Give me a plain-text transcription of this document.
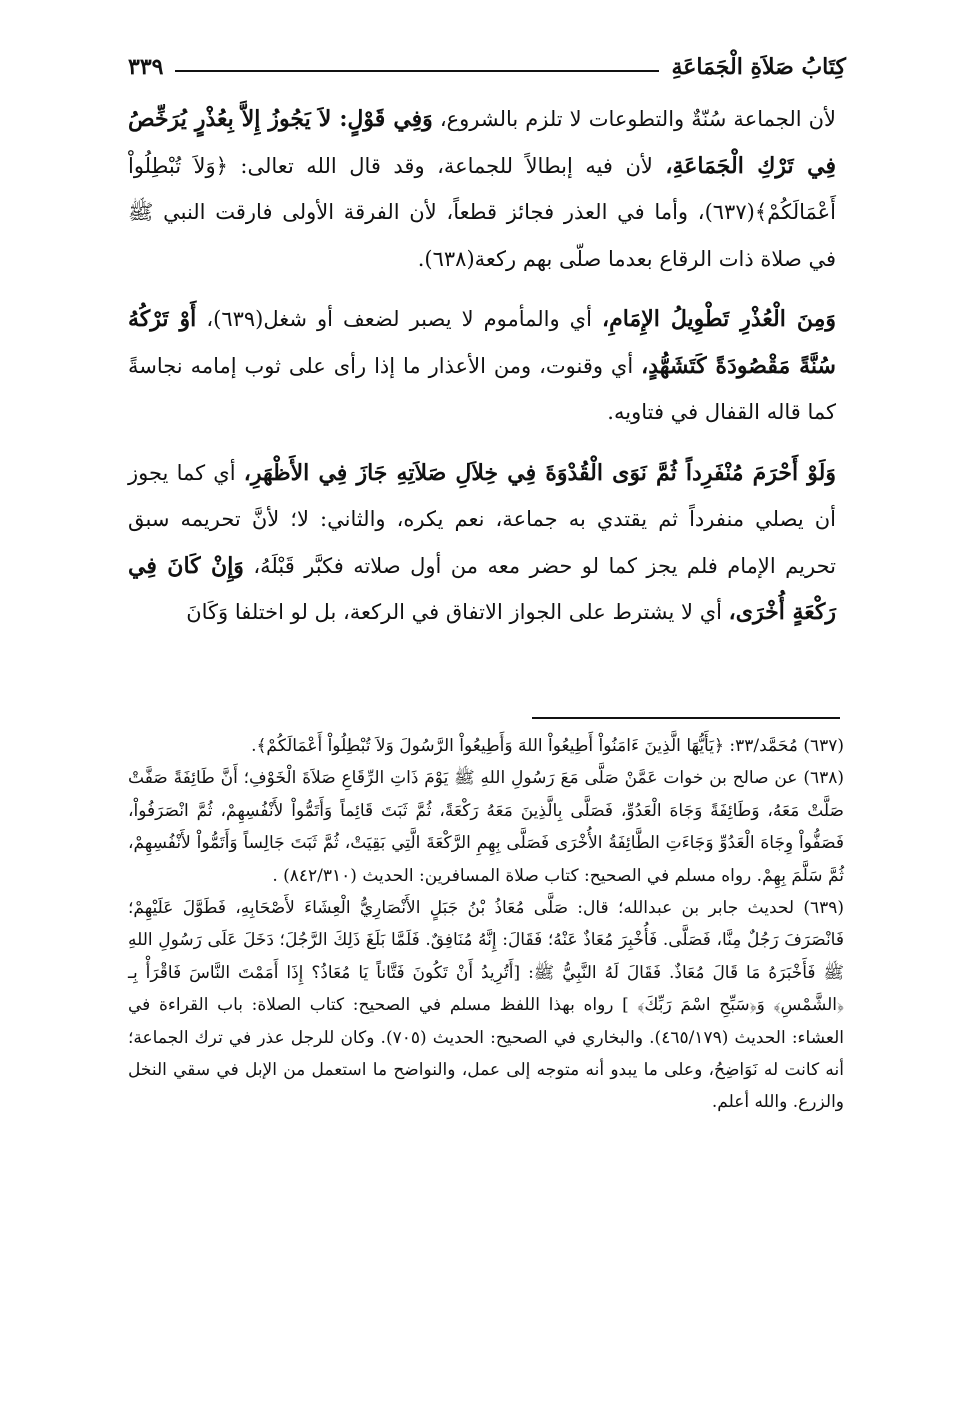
كِتَابُ صَلاَةِ الْجَمَاعَةِ
٣٣٩

لأن الجماعة سُنّةٌ والتطوعات لا تلزم بالشروع، وَفِي قَوْلٍ: لاَ يَجُوزُ إِلاَّ بِعُذْرٍ يُرَخِّصُ فِي تَرْكِ الْجَمَاعَةِ، لأن فيه إبطالاً للجماعة، وقد قال الله تعالى: ﴿وَلاَ تُبْطِلُواْ أَعْمَالَكُمْ﴾(٦٣٧)، وأما في العذر فجائز قطعاً، لأن الفرقة الأولى فارقت النبي ﷺ في صلاة ذات الرقاع بعدما صلّى بهم ركعة(٦٣٨).

وَمِنَ الْعُذْرِ تَطْوِيلُ الإِمَامِ، أي والمأموم لا يصبر لضعف أو شغل(٦٣٩)، أَوْ تَرْكُهُ سُنَّةً مَقْصُودَةً كَتَشَهُّدٍ، أي وقنوت، ومن الأعذار ما إذا رأى على ثوب إمامه نجاسةً كما قاله القفال في فتاويه.

وَلَوْ أَحْرَمَ مُنْفَرِداً ثُمَّ نَوَى الْقُدْوَةَ فِي خِلاَلِ صَلاَتِهِ جَازَ فِي الأَظْهَرِ، أي كما يجوز أن يصلي منفرداً ثم يقتدي به جماعة، نعم يكره، والثاني: لا؛ لأنَّ تحريمه سبق تحريم الإمام فلم يجز كما لو حضر معه من أول صلاته فكبَّر قَبْلَهُ، وَإِنْ كَانَ فِي رَكْعَةٍ أُخْرَى، أي لا يشترط على الجواز الاتفاق في الركعة، بل لو اختلفا وَكَانَ

(٦٣٧) مُحَمَّد/٣٣: ﴿يَأَيُّهَا الَّذِينَ ءَامَنُواْ أَطِيعُواْ اللهَ وَأَطِيعُواْ الرَّسُولَ وَلاَ تُبْطِلُواْ أَعْمَالَكُمْ﴾.

(٦٣٨) عن صالح بن خوات عَمَّنْ صَلَّى مَعَ رَسُولِ اللهِ ﷺ يَوْمَ ذَاتِ الرِّقَاعِ صَلاَةَ الْخَوْفِ؛ أَنَّ طَائِفَةً صَفَّتْ صَلَّتْ مَعَهُ، وَطَائِفَةً وَجَاهَ الْعَدُوِّ، فَصَلَّى بِالَّذِينَ مَعَهُ رَكْعَةً، ثُمَّ ثَبَتَ قَائِماً وَأَتَمُّواْ لأَنْفُسِهِمْ، ثُمَّ انْصَرَفُواْ، فَصَفُّواْ وِجَاهَ الْعَدُوِّ وَجَاءَتِ الطَّائِفَةُ الأُخْرَى فَصَلَّى بِهِمِ الرَّكْعَةَ الَّتِي بَقِيَتْ، ثُمَّ ثَبَتَ جَالِساً وَأَتَمُّواْ لأَنْفُسِهِمْ، ثُمَّ سَلَّمَ بِهِمْ. رواه مسلم في الصحيح: كتاب صلاة المسافرين: الحديث (٨٤٢/٣١٠) .

(٦٣٩) لحديث جابر بن عبدالله؛ قال: صَلَّى مُعَاذُ بْنُ جَبَلٍ الأَنْصَارِيُّ الْعِشَاءَ لأَصْحَابِهِ، فَطَوَّلَ عَلَيْهِمْ؛ فَانْصَرَفَ رَجُلٌ مِنَّا، فَصَلَّى. فَأُخْبِرَ مُعَاذٌ عَنْهُ؛ فَقَالَ: إِنَّهُ مُنَافِقٌ. فَلَمَّا بَلَغَ ذَلِكَ الرَّجُلَ؛ دَخَلَ عَلَى رَسُولِ اللهِ ﷺ فَأَخْبَرَهُ مَا قَالَ مُعَاذٌ. فَقَالَ لَهُ النَّبِيُّ ﷺ: [أَتُرِيدُ أَنْ تَكُونَ فَتَّاناً يَا مُعَاذُ؟ إِذَا أَمَمْتَ النَّاسَ فَاقْرَأْ بِـ ﴿الشَّمْسِ﴾ وَ﴿سَبِّحِ اسْمَ رَبِّكَ﴾ ] رواه بهذا اللفظ مسلم في الصحيح: كتاب الصلاة: باب القراءة في العشاء: الحديث (٤٦٥/١٧٩). والبخاري في الصحيح: الحديث (٧٠٥). وكان للرجل عذر في ترك الجماعة؛ أنه كانت له نَوَاضِحُ، وعلى ما يبدو أنه متوجه إلى عمل، والنواضح ما استعمل من الإبل في سقي النخل والزرع. والله أعلم.
